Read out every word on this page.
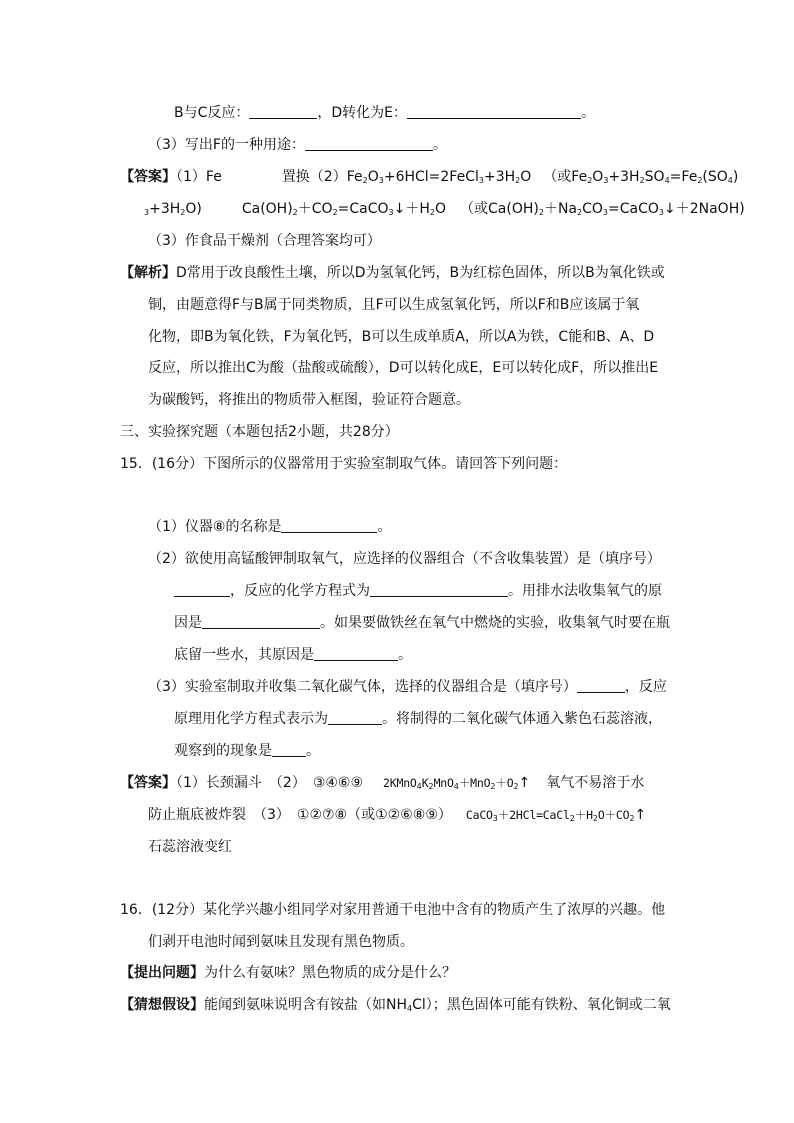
B与C反应：	，D转化为E：	。
（3）写出F的一种用途：	。
【答案】（1）Fe	置换$(2)Fe_2O_3+6HCl=2FeCl_3+3H_2O$ （或$Fe_2O_3+3H_2SO_4=Fe_2(SO_4)$
$_3+3H_2O$)	$Ca(OH)_2+CO_2=CaCO_3↓+H_2O$ （或$Ca(OH)_2+Na_2CO_3=CaCO_3↓+2NaOH$)
（3）作食品干燥剂（合理答案均可）
【解析】D常用于改良酸性土壤，所以D为氢氧化钙，B为红棕色固体，所以B为氧化铁或
铜，由题意得F与B属于同类物质，且F可以生成氢氧化钙，所以F和B应该属于氧
化物，即B为氧化铁，F为氧化钙，B可以生成单质A，所以A为铁，C能和B、A、D
反应，所以推出C为酸（盐酸或硫酸），D可以转化成E，E可以转化成F，所以推出E
为碳酸钙，将推出的物质带入框图，验证符合题意。
三、实验探究题（本题包括2小题，共28分）
15．(16分）下图所示的仪器常用于实验室制取气体。请回答下列问题：
（1）仪器⑧的名称是	。
（2）欲使用高锰酸钾制取氧气，应选择的仪器组合（不含收集装置）是（填序号）
，反应的化学方程式为	。用排水法收集氧气的原
因是	。如果要做铁丝在氧气中燃烧的实验，收集氧气时要在瓶
底留一些水，其原因是	。
（3）实验室制取并收集二氧化碳气体，选择的仪器组合是（填序号）	，反应
原理用化学方程式表示为	。将制得的二氧化碳气体通入紫色石蕊溶液，
观察到的现象是 。
【答案】（1）长颈漏斗　（2）　③④⑥⑨ $2KMnO_4K_2MnO_4+MnO_2+O_2↑$ 氧气不易溶于水
防止瓶底被炸裂　（3）　①②⑦⑧（或①②⑥⑧⑨） $CaCO_3+2HCl=CaCl_2+H_2O+CO_2↑$
石蕊溶液变红
16．(12分）某化学兴趣小组同学对家用普通干电池中含有的物质产生了浓厚的兴趣。他
们剥开电池时闻到氨味且发现有黑色物质。
【提出问题】为什么有氨味？黑色物质的成分是什么？
【猜想假设】能闻到氨味说明含有铵盐（如$NH_4Cl$）；黑色固体可能有铁粉、氧化铜或二氧
